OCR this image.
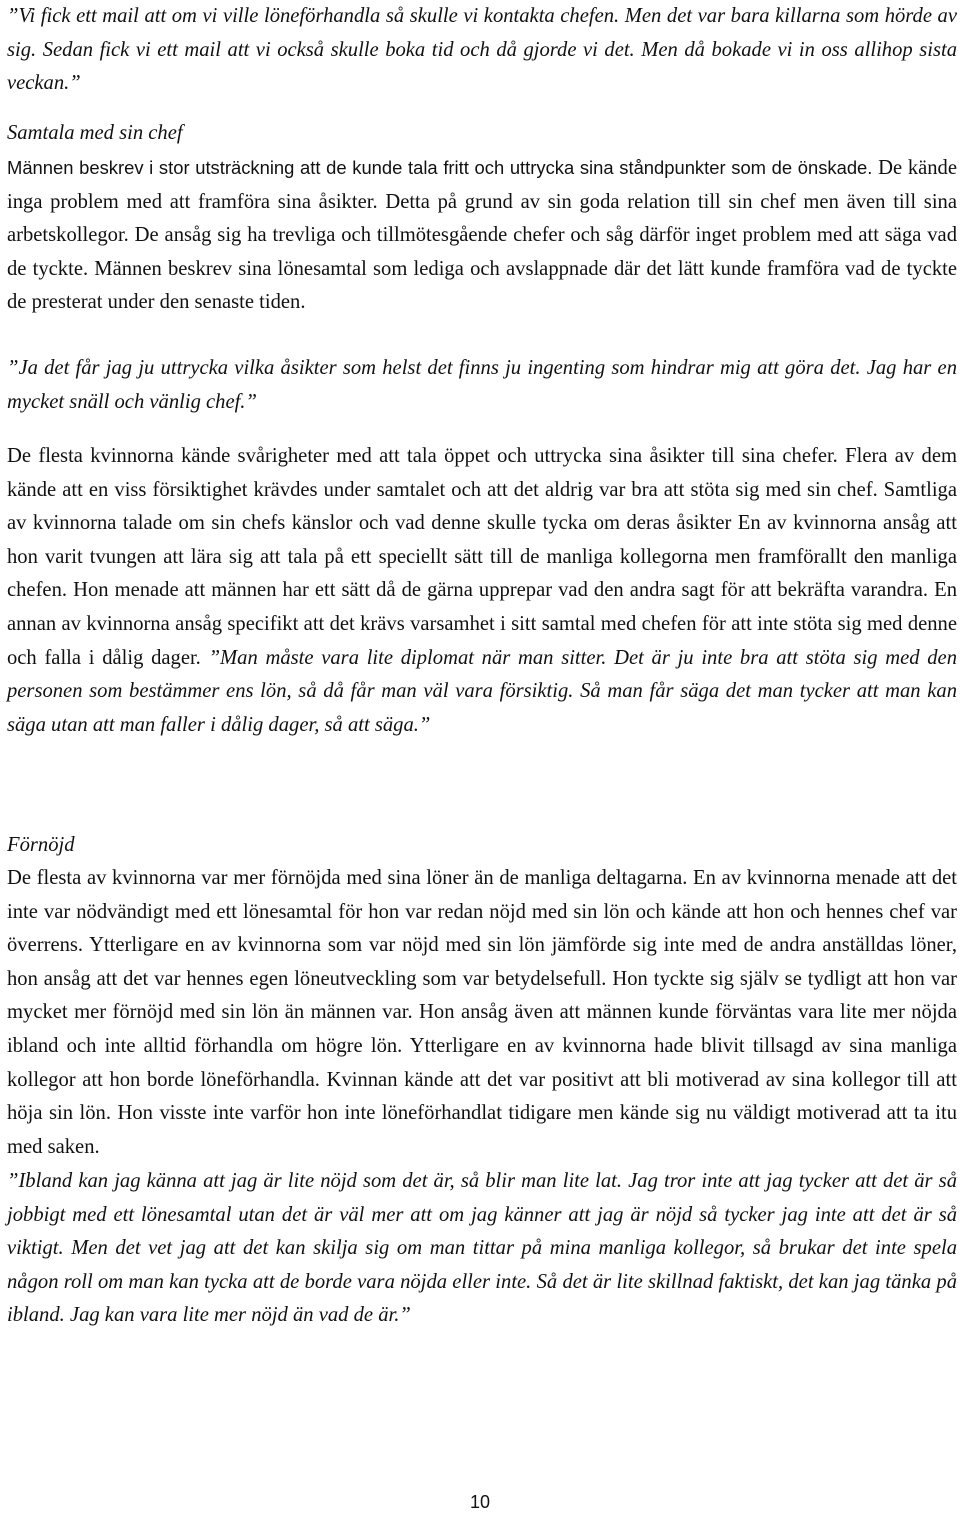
”Vi fick ett mail att om vi ville löneförhandla så skulle vi kontakta chefen. Men det var bara killarna som hörde av sig. Sedan fick vi ett mail att vi också skulle boka tid och då gjorde vi det. Men då bokade vi in oss allihop sista veckan.”

Samtala med sin chef

Männen beskrev i stor utsträckning att de kunde tala fritt och uttrycka sina ståndpunkter som de önskade. De kände inga problem med att framföra sina åsikter. Detta på grund av sin goda relation till sin chef men även till sina arbetskollegor. De ansåg sig ha trevliga och tillmötesgående chefer och såg därför inget problem med att säga vad de tyckte. Männen beskrev sina lönesamtal som lediga och avslappnade där det lätt kunde framföra vad de tyckte de presterat under den senaste tiden.

”Ja det får jag ju uttrycka vilka åsikter som helst det finns ju ingenting som hindrar mig att göra det. Jag har en mycket snäll och vänlig chef.”

De flesta kvinnorna kände svårigheter med att tala öppet och uttrycka sina åsikter till sina chefer. Flera av dem kände att en viss försiktighet krävdes under samtalet och att det aldrig var bra att stöta sig med sin chef. Samtliga av kvinnorna talade om sin chefs känslor och vad denne skulle tycka om deras åsikter En av kvinnorna ansåg att hon varit tvungen att lära sig att tala på ett speciellt sätt till de manliga kollegorna men framförallt den manliga chefen. Hon menade att männen har ett sätt då de gärna upprepar vad den andra sagt för att bekräfta varandra. En annan av kvinnorna ansåg specifikt att det krävs varsamhet i sitt samtal med chefen för att inte stöta sig med denne och falla i dålig dager. ”Man måste vara lite diplomat när man sitter. Det är ju inte bra att stöta sig med den personen som bestämmer ens lön, så då får man väl vara försiktig. Så man får säga det man tycker att man kan säga utan att man faller i dålig dager, så att säga.”

Förnöjd

De flesta av kvinnorna var mer förnöjda med sina löner än de manliga deltagarna. En av kvinnorna menade att det inte var nödvändigt med ett lönesamtal för hon var redan nöjd med sin lön och kände att hon och hennes chef var överrens. Ytterligare en av kvinnorna som var nöjd med sin lön jämförde sig inte med de andra anställdas löner, hon ansåg att det var hennes egen löneutveckling som var betydelsefull. Hon tyckte sig själv se tydligt att hon var mycket mer förnöjd med sin lön än männen var. Hon ansåg även att männen kunde förväntas vara lite mer nöjda ibland och inte alltid förhandla om högre lön. Ytterligare en av kvinnorna hade blivit tillsagd av sina manliga kollegor att hon borde löneförhandla. Kvinnan kände att det var positivt att bli motiverad av sina kollegor till att höja sin lön. Hon visste inte varför hon inte löneförhandlat tidigare men kände sig nu väldigt motiverad att ta itu med saken.

”Ibland kan jag känna att jag är lite nöjd som det är, så blir man lite lat. Jag tror inte att jag tycker att det är så jobbigt med ett lönesamtal utan det är väl mer att om jag känner att jag är nöjd så tycker jag inte att det är så viktigt. Men det vet jag att det kan skilja sig om man tittar på mina manliga kollegor, så brukar det inte spela någon roll om man kan tycka att de borde vara nöjda eller inte. Så det är lite skillnad faktiskt, det kan jag tänka på ibland. Jag kan vara lite mer nöjd än vad de är.”

10
